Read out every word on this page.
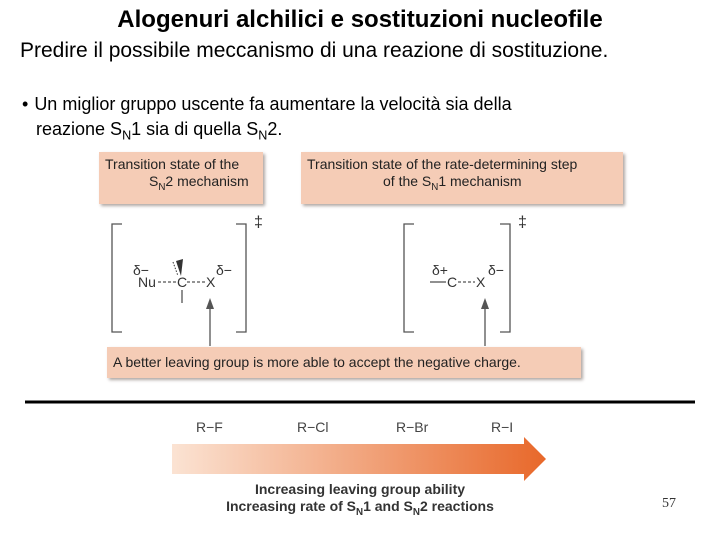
Alogenuri alchilici e sostituzioni nucleofile
Predire il possibile meccanismo di una reazione di sostituzione.
• Un miglior gruppo uscente fa aumentare la velocità sia della
reazione $S_N1$ sia di quella $S_N2$.
Transition state of the
$S_N2$ mechanism
Transition state of the rate-determining step
of the $S_N1$ mechanism
δ−	δ−
Nu C X
‡
δ+	δ−
C X
‡
A better leaving group is more able to accept the negative charge.
R−F	R−Cl	R−Br	R−I
Increasing leaving group ability
Increasing rate of $S_N1$ and $S_N2$ reactions	57
